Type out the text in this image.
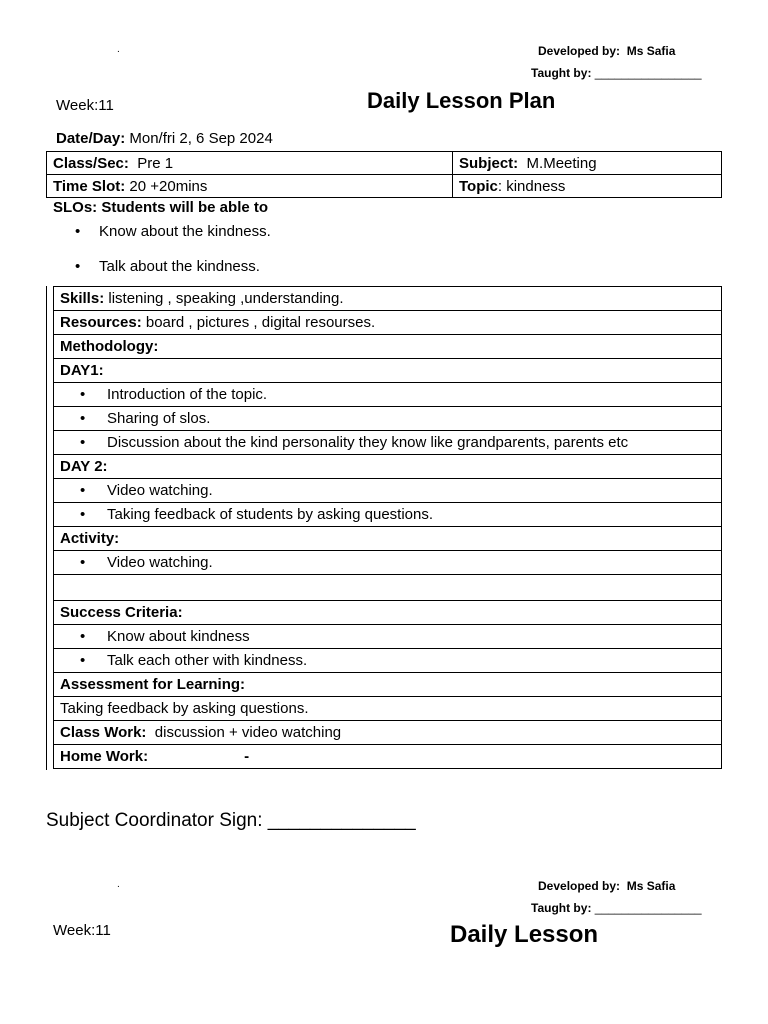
.	Developed by: Ms Safia
Taught by: ________________
Week:11	Daily Lesson Plan
Date/Day: Mon/fri 2, 6 Sep 2024
Class/Sec: Pre 1	Subject: M.Meeting
Time Slot: 20 +20mins	Topic: kindness
SLOs: Students will be able to
• Know about the kindness.
• Talk about the kindness.
Skills: listening , speaking ,understanding.
Resources: board , pictures , digital resourses.
Methodology:
DAY1:
• Introduction of the topic.
• Sharing of slos.
• Discussion about the kind personality they know like grandparents, parents etc
DAY 2:
• Video watching.
• Taking feedback of students by asking questions.
Activity:
• Video watching.

Success Criteria:
• Know about kindness
• Talk each other with kindness.
Assessment for Learning:
Taking feedback by asking questions.
Class Work: discussion + video watching
Home Work:	-
Subject Coordinator Sign: ______________
.	Developed by: Ms Safia
Taught by: ________________
Week:11	Daily Lesson
